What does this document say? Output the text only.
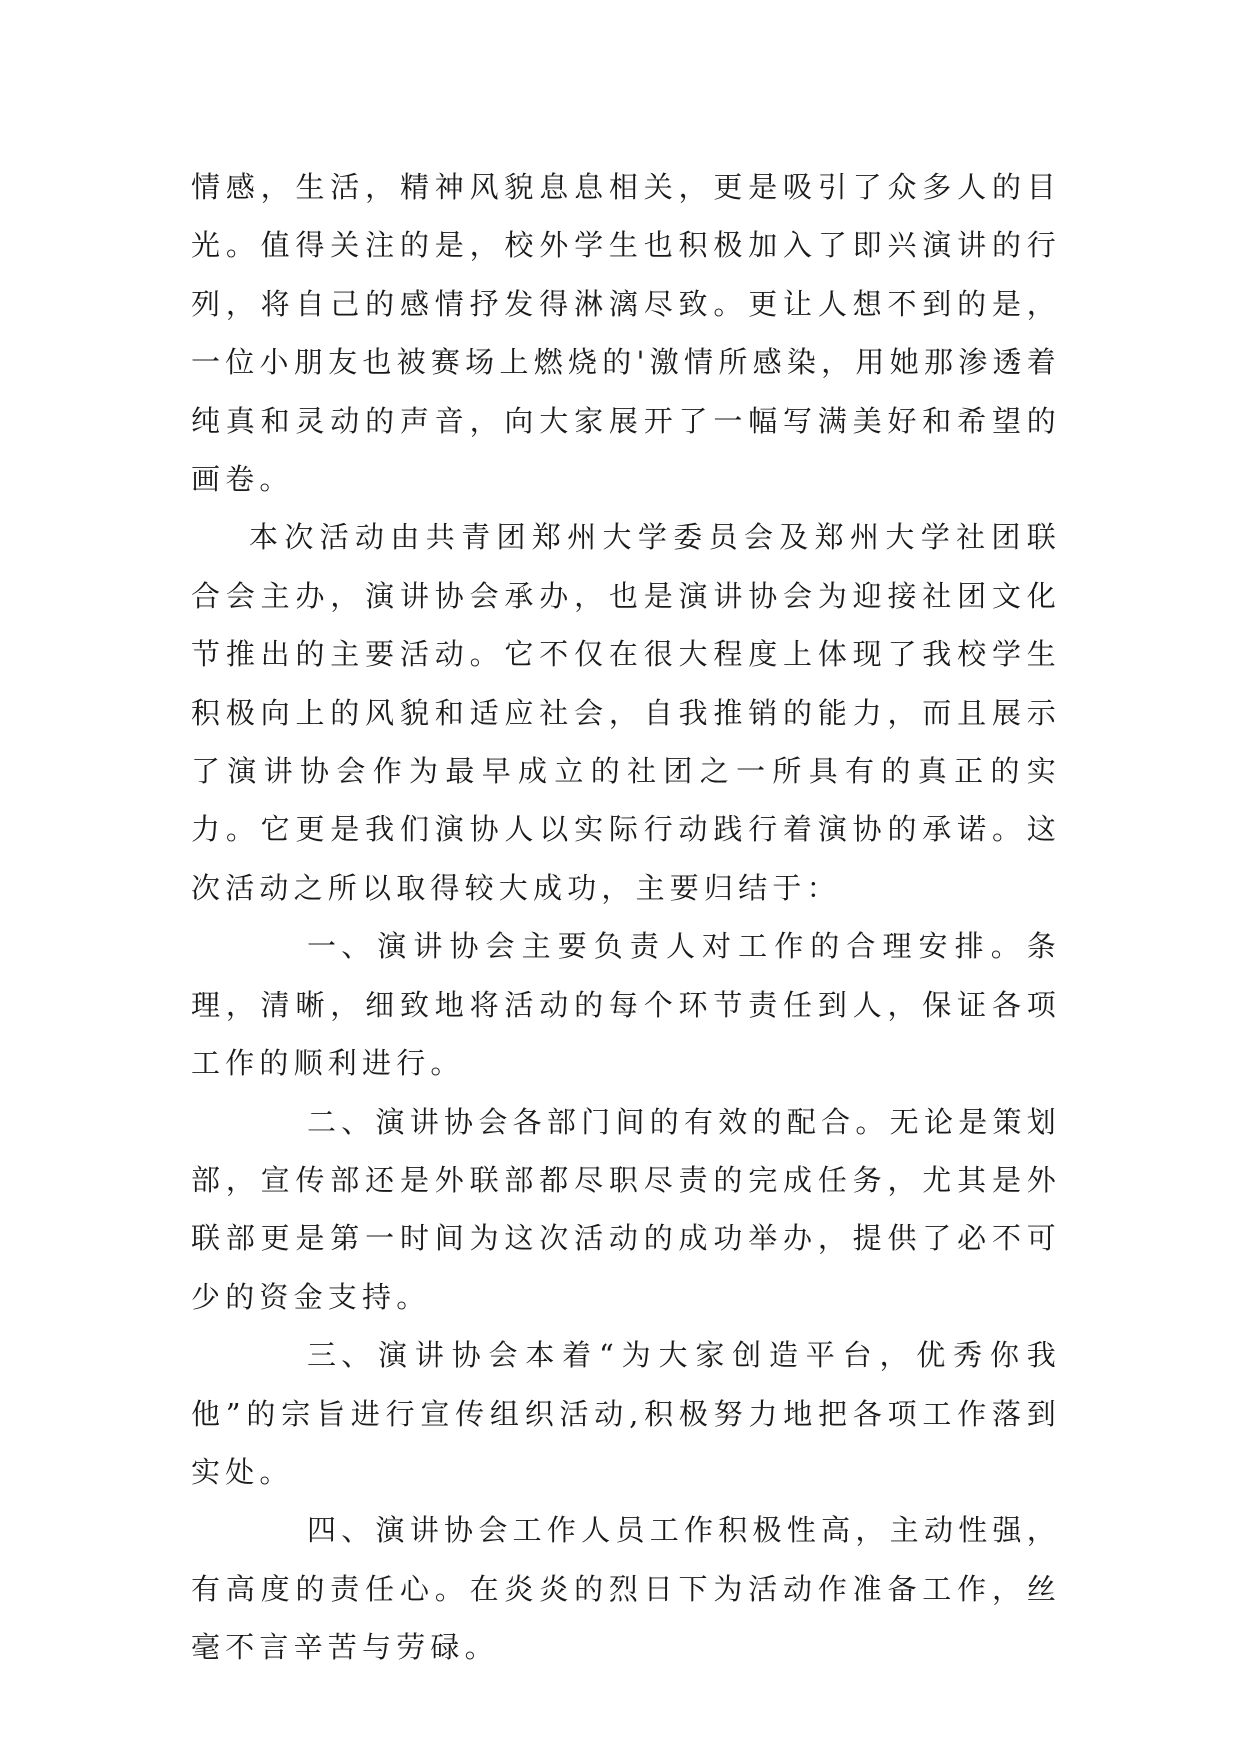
情感，生活，精神风貌息息相关，更是吸引了众多人的目光。值得关注的是，校外学生也积极加入了即兴演讲的行列，将自己的感情抒发得淋漓尽致。更让人想不到的是，一位小朋友也被赛场上燃烧的'激情所感染，用她那渗透着纯真和灵动的声音，向大家展开了一幅写满美好和希望的画卷。

本次活动由共青团郑州大学委员会及郑州大学社团联合会主办，演讲协会承办，也是演讲协会为迎接社团文化节推出的主要活动。它不仅在很大程度上体现了我校学生积极向上的风貌和适应社会，自我推销的能力，而且展示了演讲协会作为最早成立的社团之一所具有的真正的实力。它更是我们演协人以实际行动践行着演协的承诺。这次活动之所以取得较大成功，主要归结于：

一、演讲协会主要负责人对工作的合理安排。条理，清晰，细致地将活动的每个环节责任到人，保证各项工作的顺利进行。

二、演讲协会各部门间的有效的配合。无论是策划部，宣传部还是外联部都尽职尽责的完成任务，尤其是外联部更是第一时间为这次活动的成功举办，提供了必不可少的资金支持。

三、演讲协会本着“为大家创造平台，优秀你我他”的宗旨进行宣传组织活动,积极努力地把各项工作落到实处。

四、演讲协会工作人员工作积极性高，主动性强，有高度的责任心。在炎炎的烈日下为活动作准备工作，丝毫不言辛苦与劳碌。
